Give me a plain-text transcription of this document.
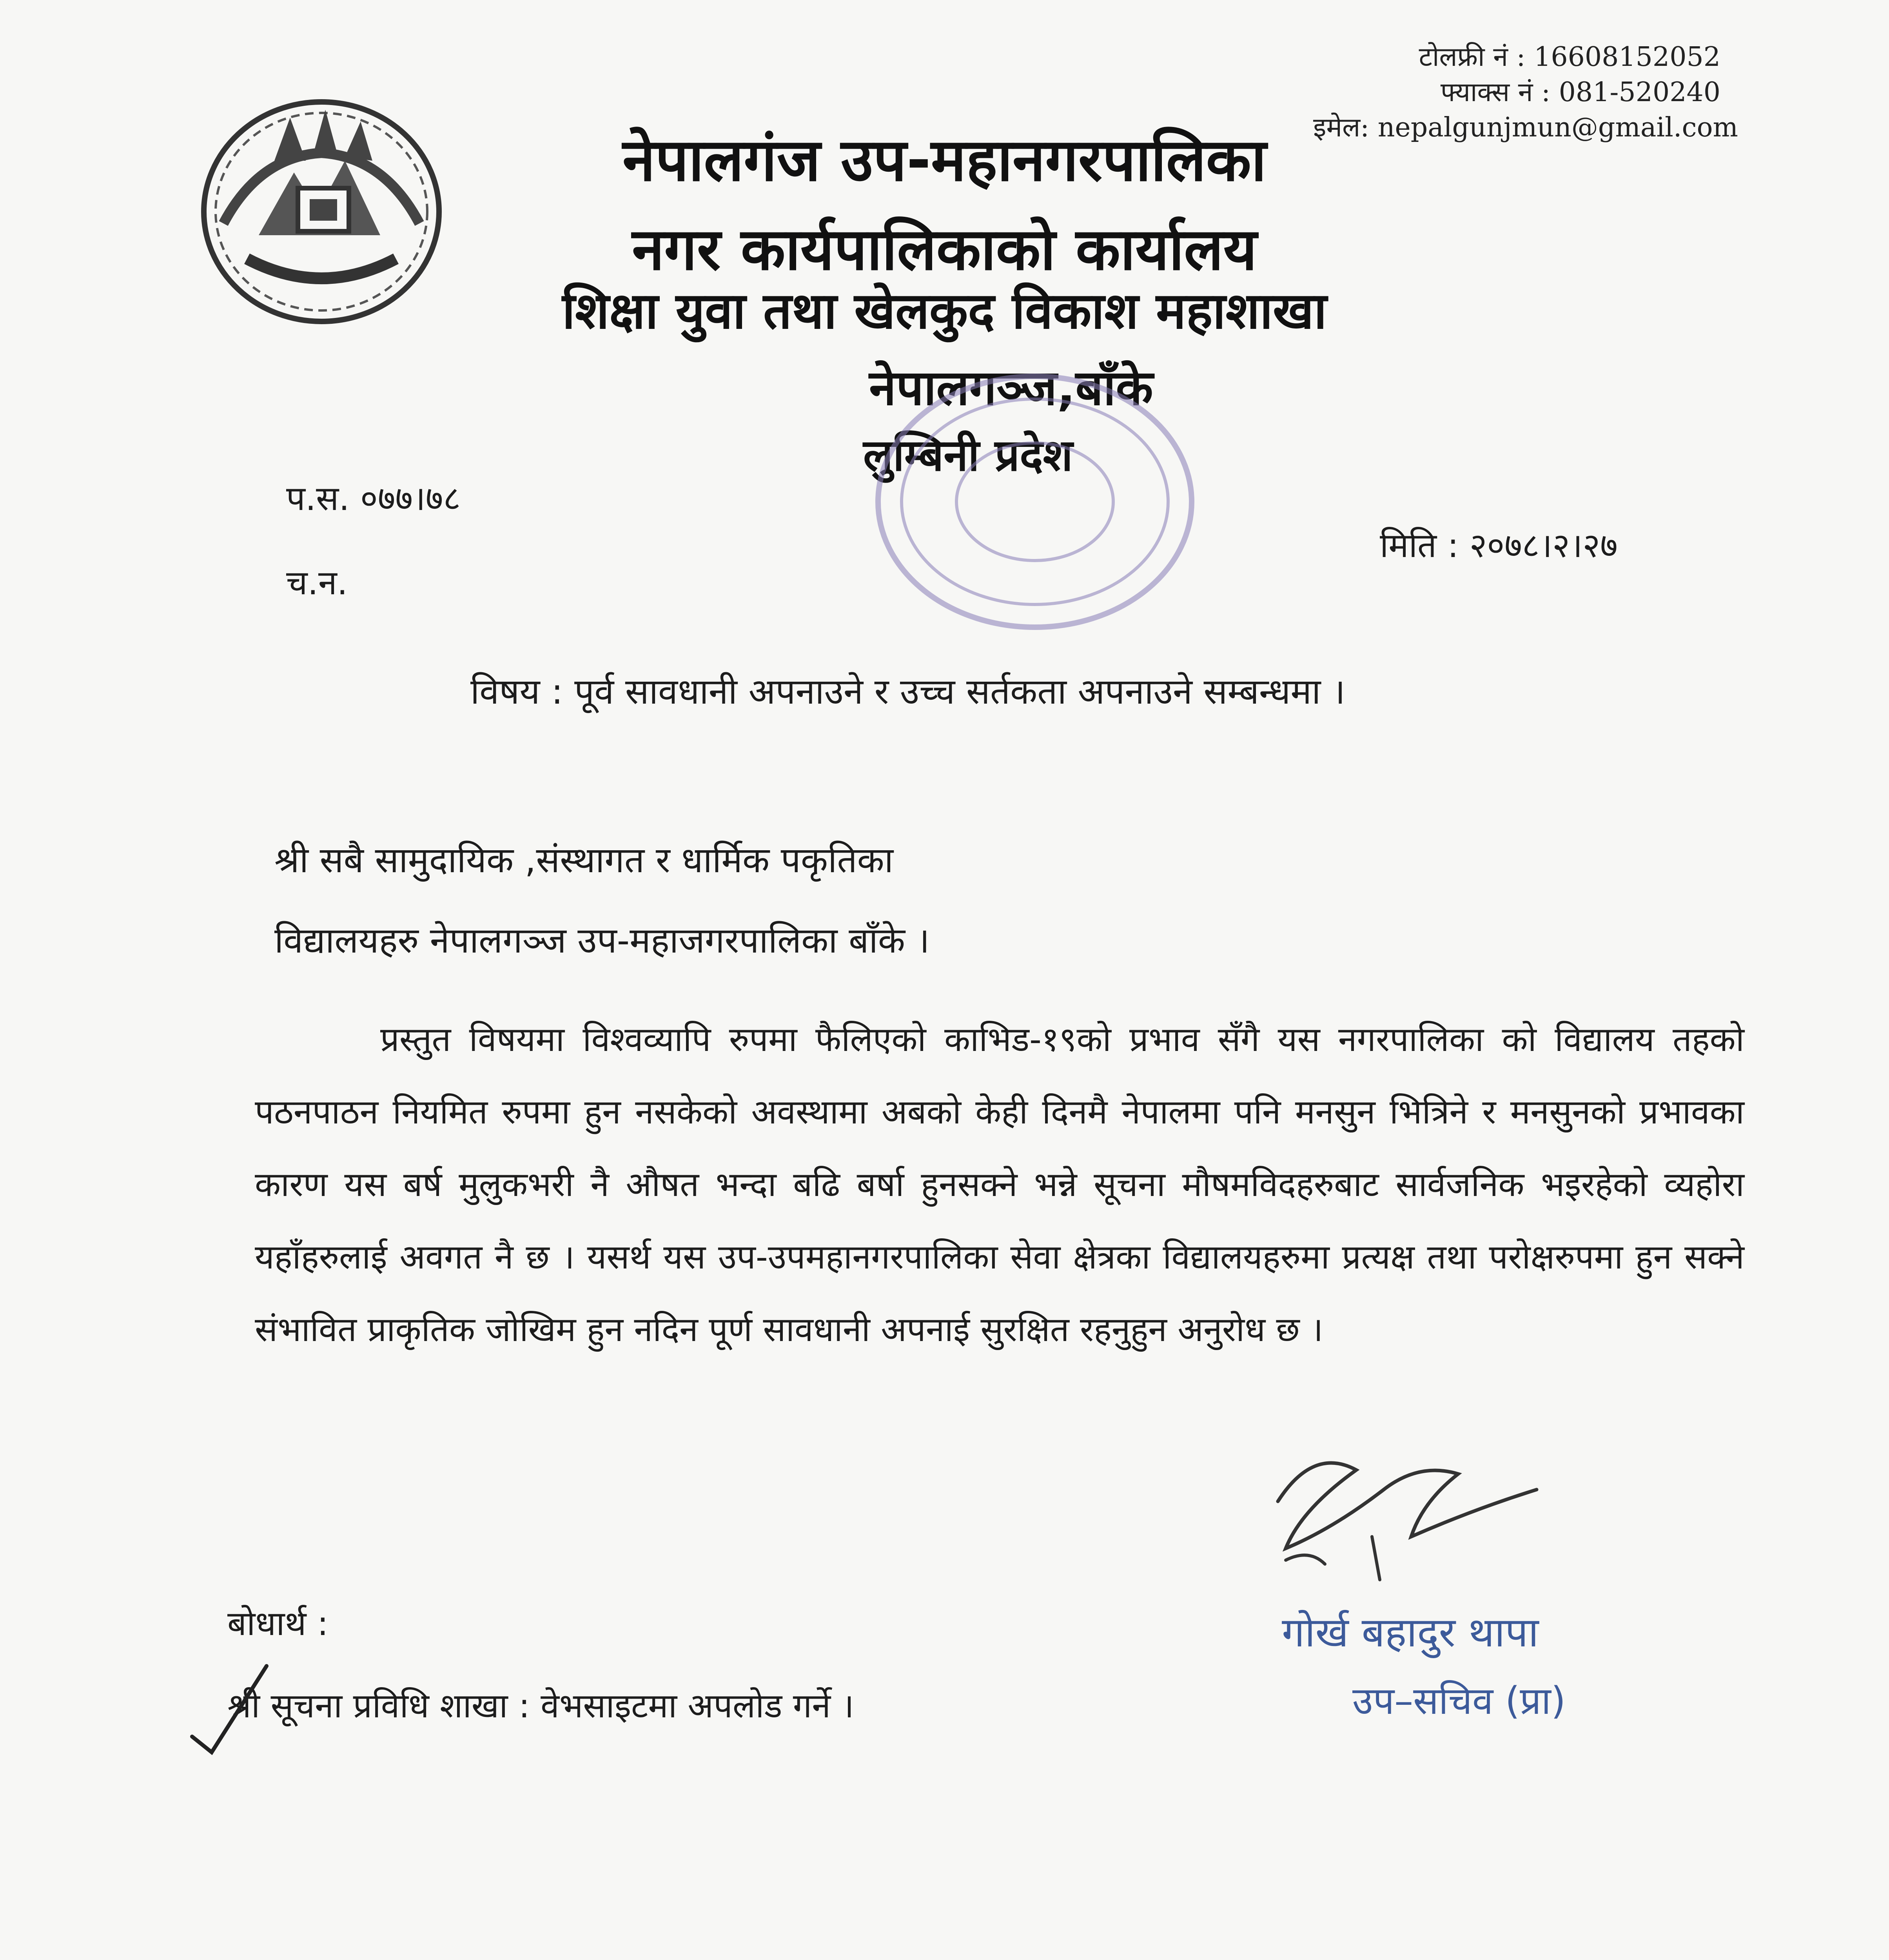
टोलफ्री नं : 16608152052
फ्याक्स नं : 081-520240
इमेल: nepalgunjmun@gmail.com
नेपालगंज उप-महानगरपालिका
नगर कार्यपालिकाको कार्यालय
शिक्षा युवा तथा खेलकुद विकाश महाशाखा
नेपालगञ्ज,बाँके
लुम्बिनी प्रदेश
प.स. ०७७।७८
च.न.
मिति : २०७८।२।२७
विषय : पूर्व सावधानी अपनाउने र उच्च सर्तकता अपनाउने सम्बन्धमा ।
श्री सबै सामुदायिक ,संस्थागत र धार्मिक पकृतिका
विद्यालयहरु नेपालगञ्ज उप-महाजगरपालिका बाँके ।
प्रस्तुत विषयमा विश्वव्यापि रुपमा फैलिएको काभिड-१९को प्रभाव सँगै यस नगरपालिका को विद्यालय तहको पठनपाठन नियमित रुपमा हुन नसकेको अवस्थामा अबको केही दिनमै नेपालमा पनि मनसुन भित्रिने र मनसुनको प्रभावका कारण यस बर्ष मुलुकभरी नै औषत भन्दा बढि बर्षा हुनसक्ने भन्ने सूचना मौषमविदहरुबाट सार्वजनिक भइरहेको व्यहोरा यहाँहरुलाई अवगत नै छ । यसर्थ यस उप-उपमहानगरपालिका सेवा क्षेत्रका विद्यालयहरुमा प्रत्यक्ष तथा परोक्षरुपमा हुन सक्ने संभावित प्राकृतिक जोखिम हुन नदिन पूर्ण सावधानी अपनाई सुरक्षित रहनुहुन अनुरोध छ ।
गोर्ख बहादुर थापा
उप–सचिव (प्रा)
बोधार्थ :
श्री सूचना प्रविधि शाखा : वेभसाइटमा अपलोड गर्ने ।
